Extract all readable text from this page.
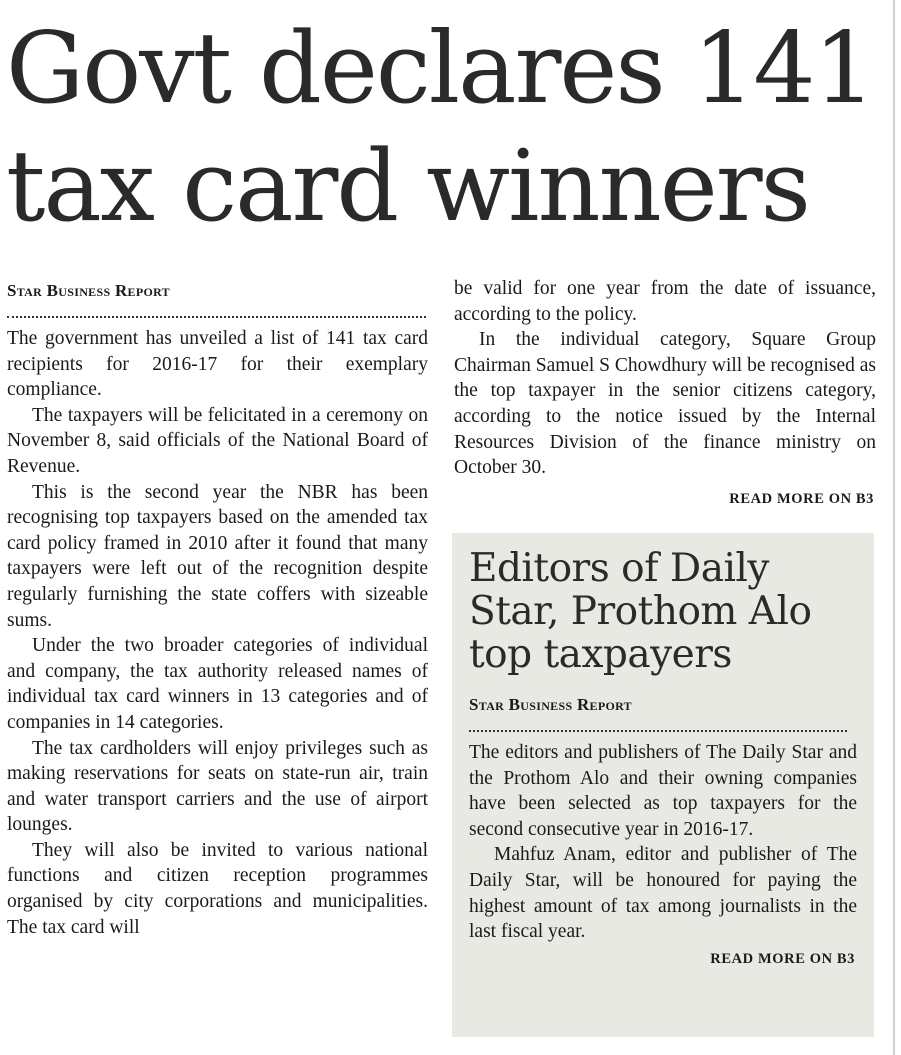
Govt declares 141
tax card winners

Star Business Report

The government has unveiled a list of 141 tax card recipients for 2016-17 for their exemplary compliance.

The taxpayers will be felicitated in a ceremony on November 8, said officials of the National Board of Revenue.

This is the second year the NBR has been recognising top taxpayers based on the amended tax card policy framed in 2010 after it found that many taxpayers were left out of the recognition despite regularly furnishing the state coffers with sizeable sums.

Under the two broader categories of individual and company, the tax authority released names of individual tax card winners in 13 categories and of companies in 14 categories.

The tax cardholders will enjoy privileges such as making reservations for seats on state-run air, train and water transport carriers and the use of airport lounges.

They will also be invited to various national functions and citizen reception programmes organised by city corporations and municipalities. The tax card will

be valid for one year from the date of issuance, according to the policy.

In the individual category, Square Group Chairman Samuel S Chowdhury will be recognised as the top taxpayer in the senior citizens category, according to the notice issued by the Internal Resources Division of the finance ministry on October 30.

READ MORE ON B3
Editors of Daily
Star, Prothom Alo
top taxpayers

Star Business Report

The editors and publishers of The Daily Star and the Prothom Alo and their owning companies have been selected as top taxpayers for the second consecutive year in 2016-17.

Mahfuz Anam, editor and publisher of The Daily Star, will be honoured for paying the highest amount of tax among journalists in the last fiscal year.

READ MORE ON B3
